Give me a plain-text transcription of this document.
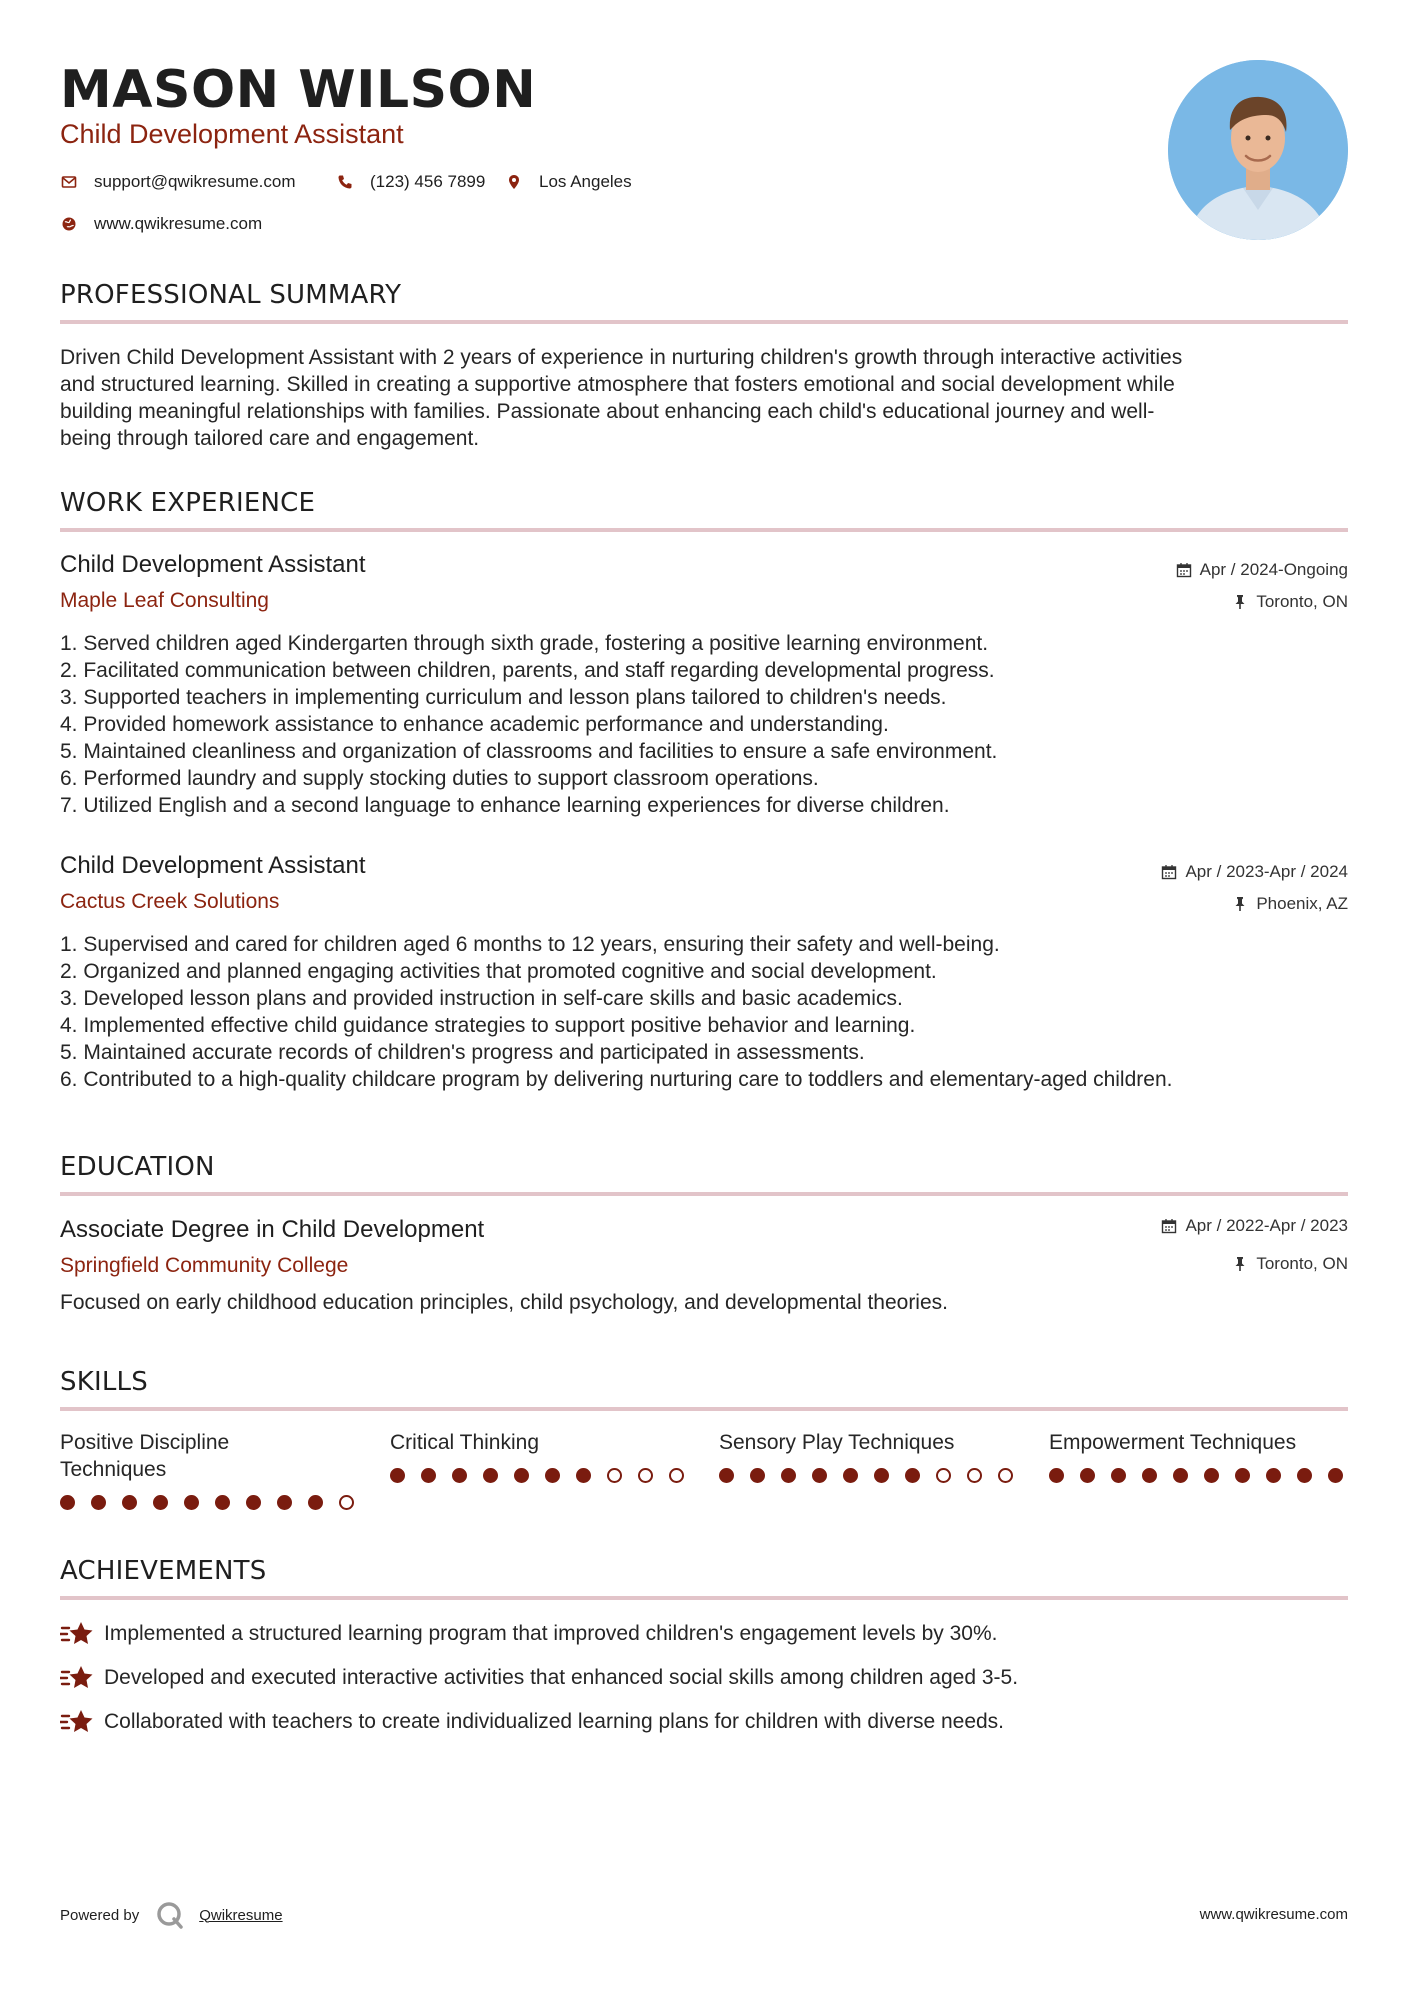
MASON WILSON
Child Development Assistant
support@qwikresume.com	(123) 456 7899	Los Angeles
www.qwikresume.com
PROFESSIONAL SUMMARY
Driven Child Development Assistant with 2 years of experience in nurturing children's growth through interactive activities
and structured learning. Skilled in creating a supportive atmosphere that fosters emotional and social development while
building meaningful relationships with families. Passionate about enhancing each child's educational journey and well-
being through tailored care and engagement.
WORK EXPERIENCE
Child Development Assistant
Maple Leaf Consulting
Apr / 2024-Ongoing
Toronto, ON
1. Served children aged Kindergarten through sixth grade, fostering a positive learning environment.
2. Facilitated communication between children, parents, and staff regarding developmental progress.
3. Supported teachers in implementing curriculum and lesson plans tailored to children's needs.
4. Provided homework assistance to enhance academic performance and understanding.
5. Maintained cleanliness and organization of classrooms and facilities to ensure a safe environment.
6. Performed laundry and supply stocking duties to support classroom operations.
7. Utilized English and a second language to enhance learning experiences for diverse children.
Child Development Assistant
Cactus Creek Solutions
Apr / 2023-Apr / 2024
Phoenix, AZ
1. Supervised and cared for children aged 6 months to 12 years, ensuring their safety and well-being.
2. Organized and planned engaging activities that promoted cognitive and social development.
3. Developed lesson plans and provided instruction in self-care skills and basic academics.
4. Implemented effective child guidance strategies to support positive behavior and learning.
5. Maintained accurate records of children's progress and participated in assessments.
6. Contributed to a high-quality childcare program by delivering nurturing care to toddlers and elementary-aged children.
EDUCATION
Associate Degree in Child Development
Springfield Community College
Apr / 2022-Apr / 2023
Toronto, ON
Focused on early childhood education principles, child psychology, and developmental theories.
SKILLS
Positive Discipline
Techniques
Critical Thinking	Sensory Play Techniques	Empowerment Techniques
ACHIEVEMENTS
Implemented a structured learning program that improved children's engagement levels by 30%.
Developed and executed interactive activities that enhanced social skills among children aged 3-5.
Collaborated with teachers to create individualized learning plans for children with diverse needs.
Powered by	Qwikresume	www.qwikresume.com
